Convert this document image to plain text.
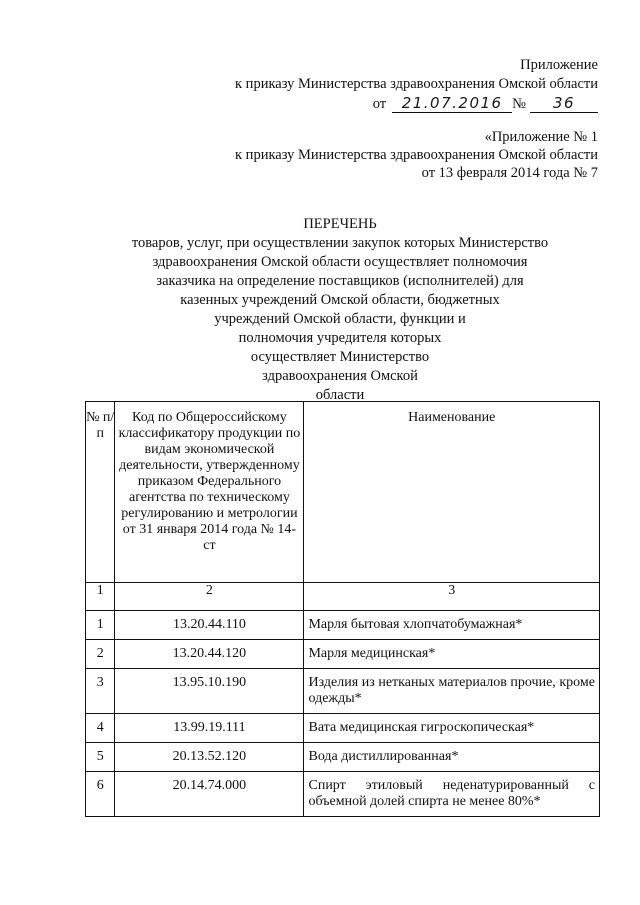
Приложение
к приказу Министерства здравоохранения Омской области
от 21.07.2016 № 36
«Приложение № 1
к приказу Министерства здравоохранения Омской области
от 13 февраля 2014 года № 7
ПЕРЕЧЕНЬ
товаров, услуг, при осуществлении закупок которых Министерство
здравоохранения Омской области осуществляет полномочия
заказчика на определение поставщиков (исполнителей) для
казенных учреждений Омской области, бюджетных
учреждений Омской области, функции и
полномочия учредителя которых
осуществляет Министерство
здравоохранения Омской
области
№ п/п	Код по Общероссийскому классификатору продукции по видам экономической деятельности, утвержденному приказом Федерального агентства по техническому регулированию и метрологии от 31 января 2014 года № 14-ст	Наименование
1	2	3
1	13.20.44.110	Марля бытовая хлопчатобумажная*
2	13.20.44.120	Марля медицинская*
3	13.95.10.190	Изделия из нетканых материалов прочие, кроме одежды*
4	13.99.19.111	Вата медицинская гигроскопическая*
5	20.13.52.120	Вода дистиллированная*
6	20.14.74.000	Спирт этиловый неденатурированный с объемной долей спирта не менее 80%*
